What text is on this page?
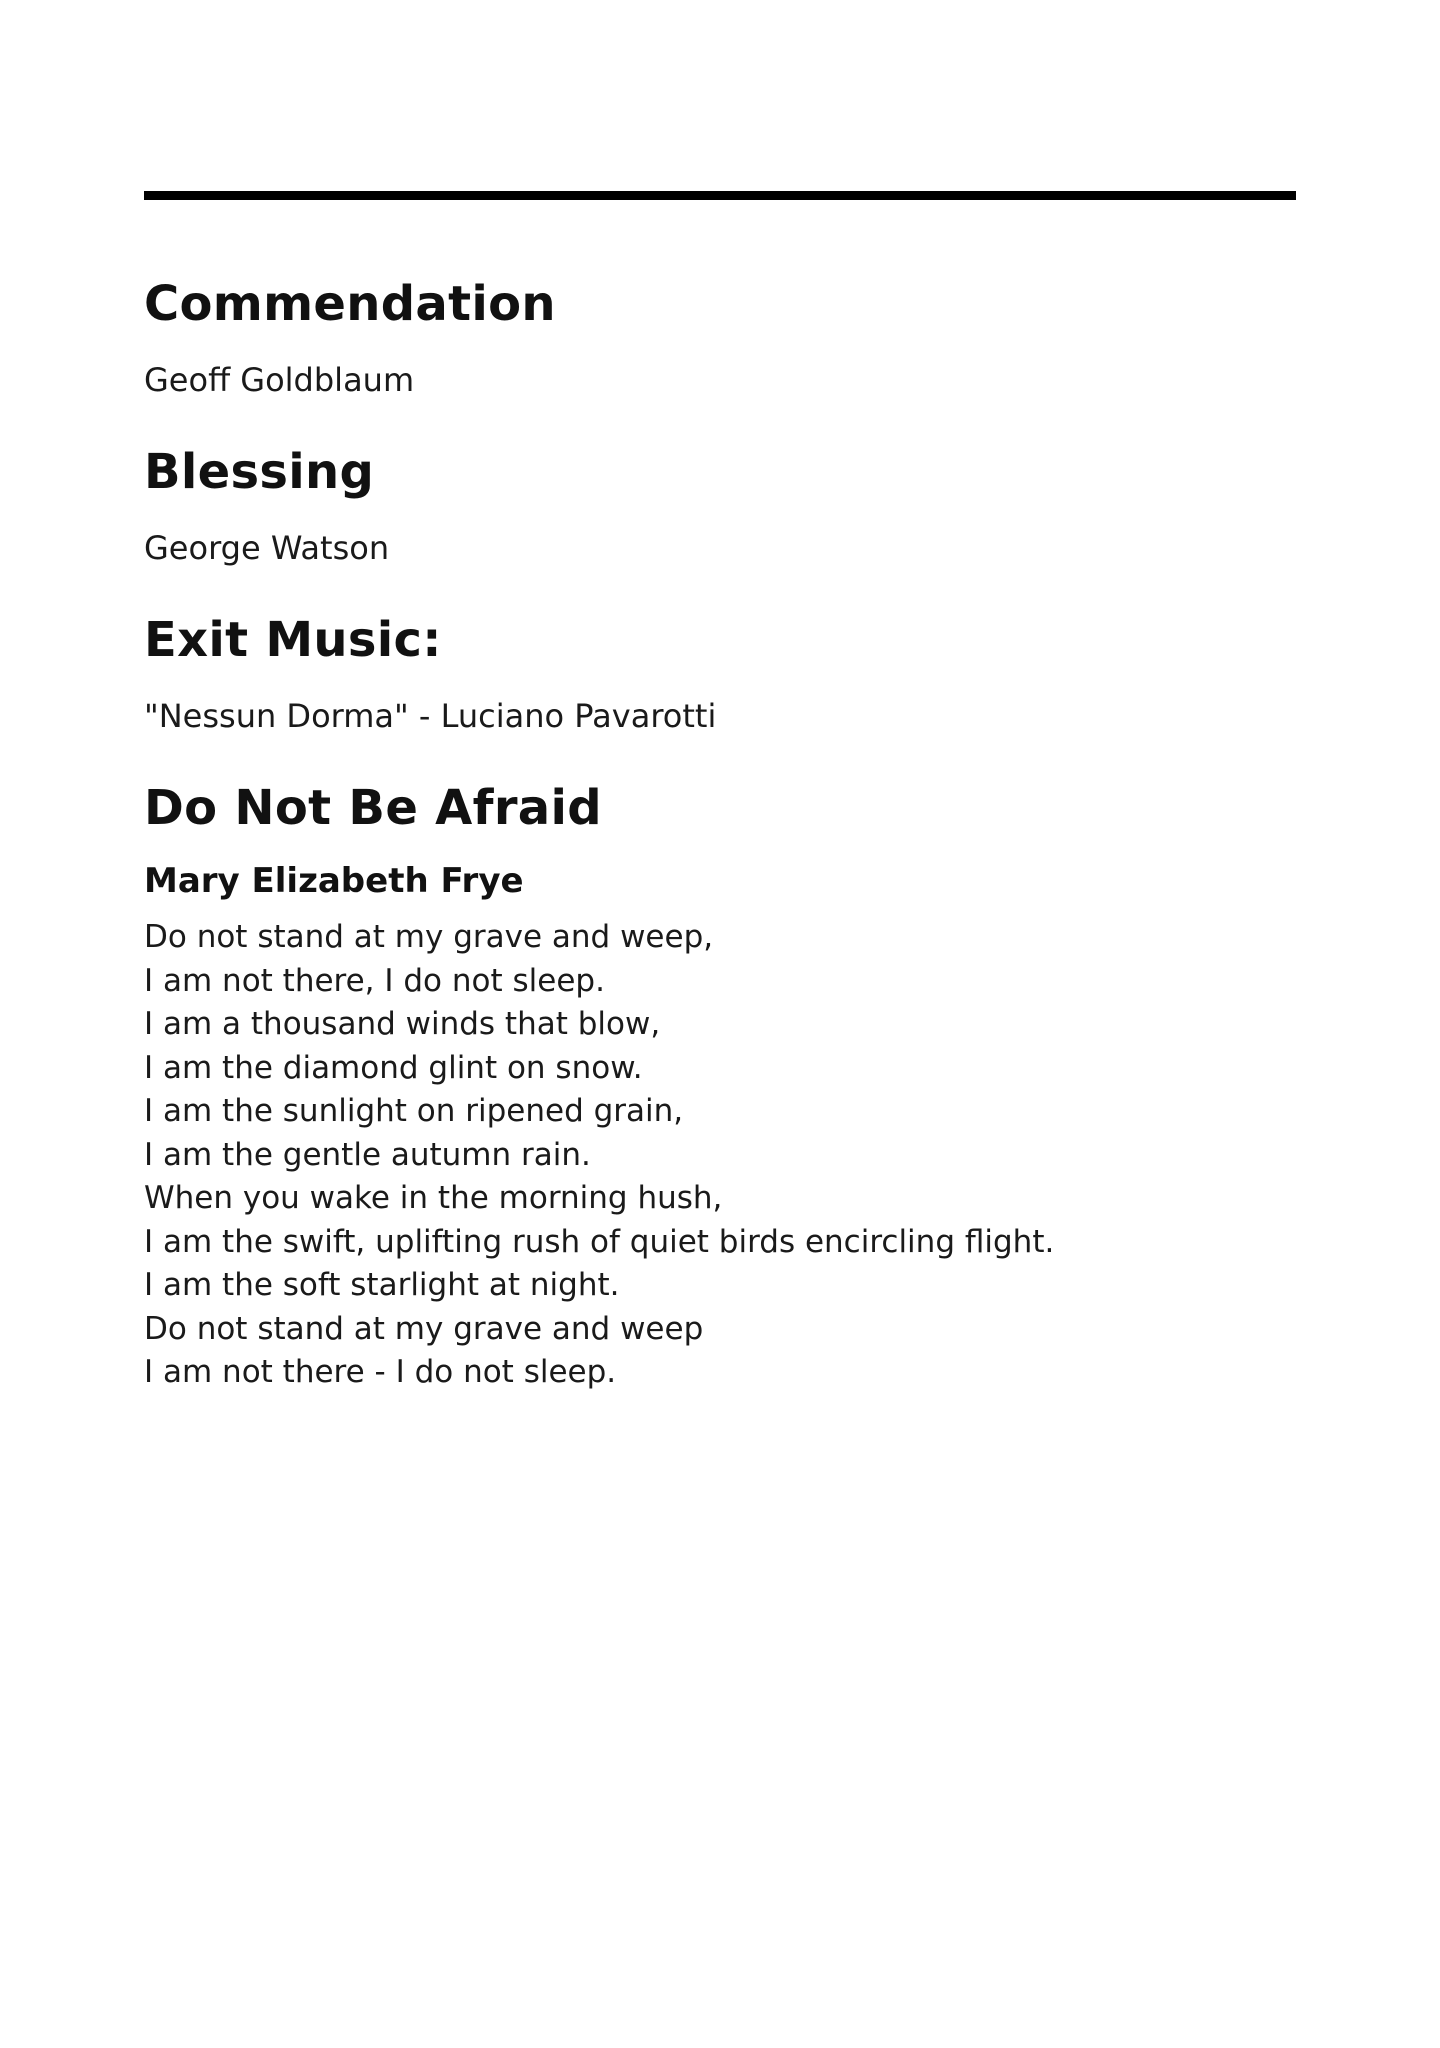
Commendation

Geoff Goldblaum

Blessing

George Watson

Exit Music:

"Nessun Dorma" - Luciano Pavarotti

Do Not Be Afraid

Mary Elizabeth Frye

Do not stand at my grave and weep,

I am not there, I do not sleep.

I am a thousand winds that blow,

I am the diamond glint on snow.

I am the sunlight on ripened grain,

I am the gentle autumn rain.

When you wake in the morning hush,

I am the swift, uplifting rush of quiet birds encircling flight.

I am the soft starlight at night.

Do not stand at my grave and weep

I am not there - I do not sleep.
